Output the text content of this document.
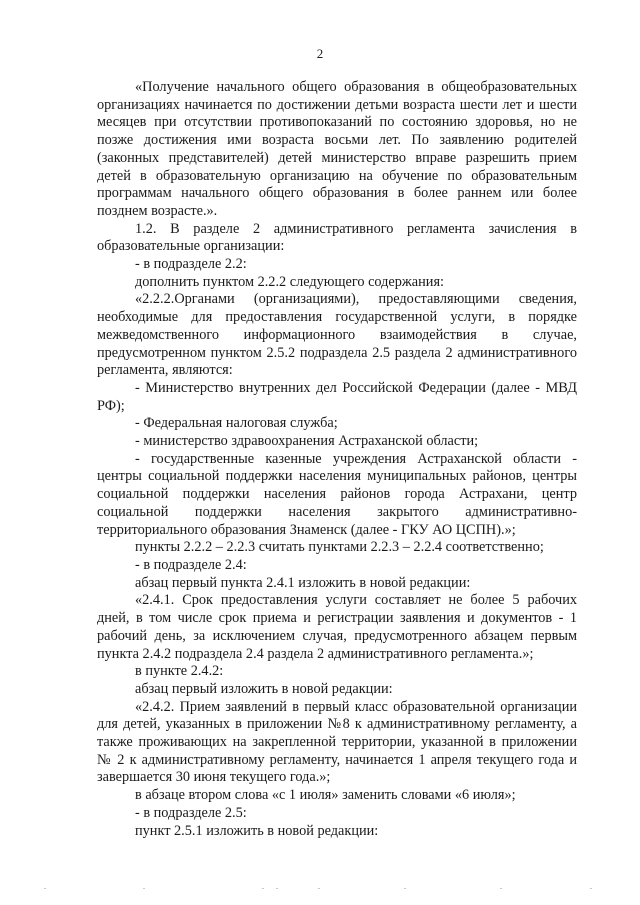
2

«Получение начального общего образования в общеобразовательных организациях начинается по достижении детьми возраста шести лет и шести месяцев при отсутствии противопоказаний по состоянию здоровья, но не позже достижения ими возраста восьми лет. По заявлению родителей (законных представителей) детей министерство вправе разрешить прием детей в образовательную организацию на обучение по образовательным программам начального общего образования в более раннем или более позднем возрасте.».

1.2. В разделе 2 административного регламента зачисления в образовательные организации:

- в подразделе 2.2:

дополнить пунктом 2.2.2 следующего содержания:

«2.2.2.Органами (организациями), предоставляющими сведения, необходимые для предоставления государственной услуги, в порядке межведомственного информационного взаимодействия в случае, предусмотренном пунктом 2.5.2 подраздела 2.5 раздела 2 административного регламента, являются:

- Министерство внутренних дел Российской Федерации (далее - МВД РФ);

- Федеральная налоговая служба;

- министерство здравоохранения Астраханской области;

- государственные казенные учреждения Астраханской области - центры социальной поддержки населения муниципальных районов, центры социальной поддержки населения районов города Астрахани, центр социальной поддержки населения закрытого административно-территориального образования Знаменск (далее - ГКУ АО ЦСПН).»;

пункты 2.2.2 – 2.2.3 считать пунктами 2.2.3 – 2.2.4 соответственно;

- в подразделе 2.4:

абзац первый пункта 2.4.1 изложить в новой редакции:

«2.4.1. Срок предоставления услуги составляет не более 5 рабочих дней, в том числе срок приема и регистрации заявления и документов - 1 рабочий день, за исключением случая, предусмотренного абзацем первым пункта 2.4.2 подраздела 2.4 раздела 2 административного регламента.»;

в пункте 2.4.2:

абзац первый изложить в новой редакции:

«2.4.2. Прием заявлений в первый класс образовательной организации для детей, указанных в приложении №8 к административному регламенту, а также проживающих на закрепленной территории, указанной в приложении № 2 к административному регламенту, начинается 1 апреля текущего года и завершается 30 июня текущего года.»;

в абзаце втором слова «с 1 июля» заменить словами «6 июля»;

- в подразделе 2.5:

пункт 2.5.1 изложить в новой редакции:
